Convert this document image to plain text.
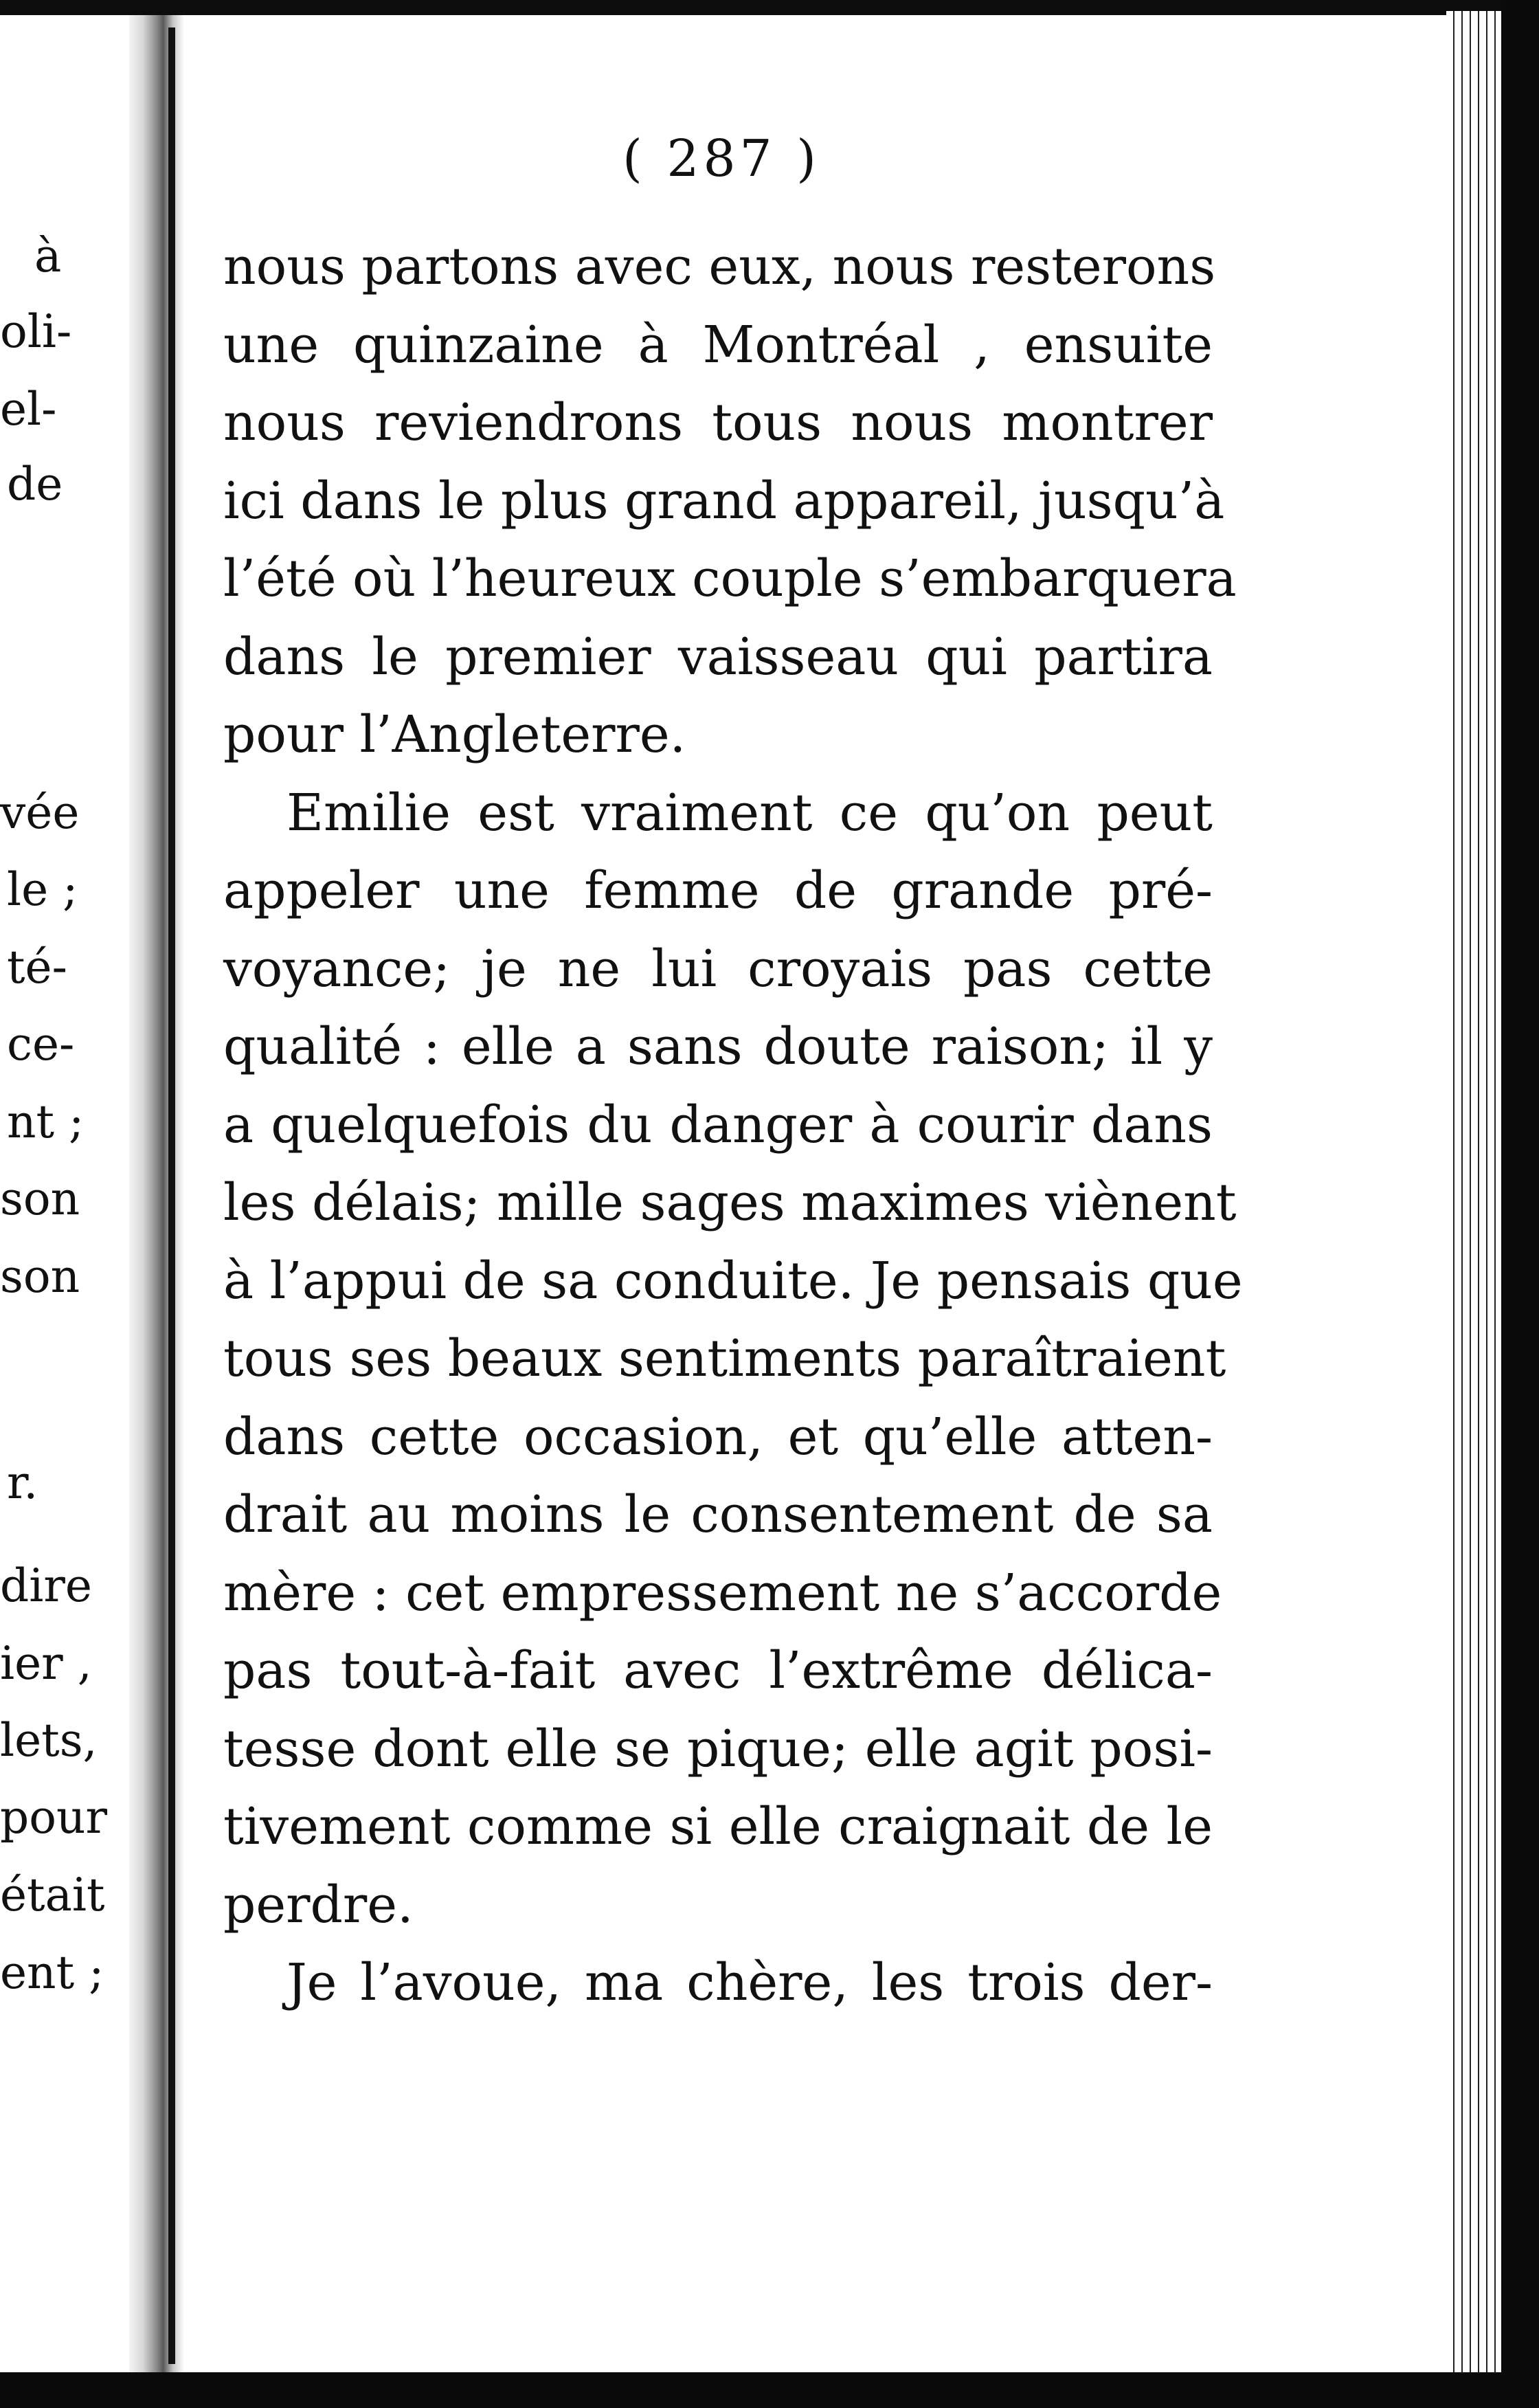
à
oli-
el-
de
vée
le ;
té-
ce-
nt ;
son
son
r.
dire
ier ,
lets,
pour
était
ent ;
( 287 )
nous partons avec eux, nous resterons
une quinzaine à Montréal , ensuite
nous reviendrons tous nous montrer
ici dans le plus grand appareil, jusqu’à
l’été où l’heureux couple s’embarquera
dans le premier vaisseau qui partira
pour l’Angleterre.
Emilie est vraiment ce qu’on peut
appeler une femme de grande pré-
voyance; je ne lui croyais pas cette
qualité : elle a sans doute raison; il y
a quelquefois du danger à courir dans
les délais; mille sages maximes viènent
à l’appui de sa conduite. Je pensais que
tous ses beaux sentiments paraîtraient
dans cette occasion, et qu’elle atten-
drait au moins le consentement de sa
mère : cet empressement ne s’accorde
pas tout-à-fait avec l’extrême délica-
tesse dont elle se pique; elle agit posi-
tivement comme si elle craignait de le
perdre.
Je l’avoue, ma chère, les trois der-
